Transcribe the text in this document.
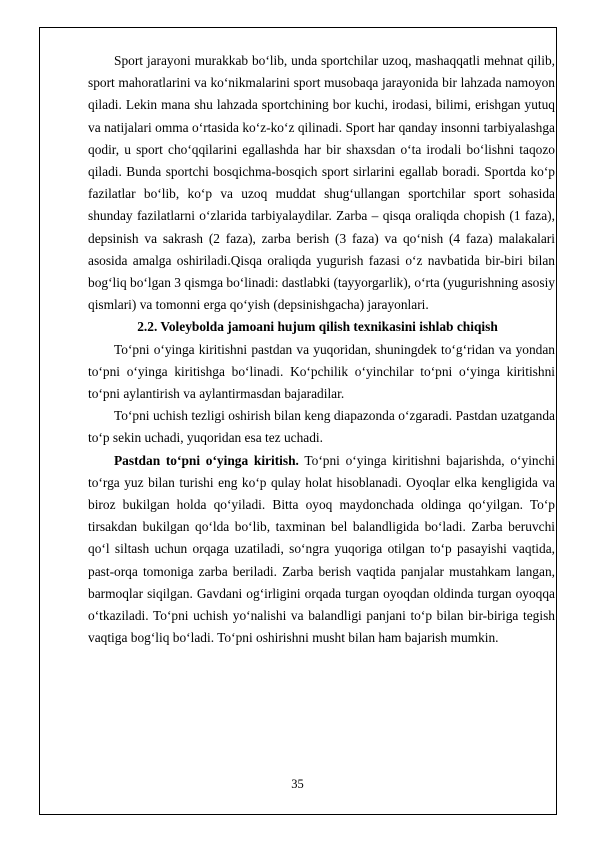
Sport jarayoni murakkab bo‘lib, unda sportchilar uzoq, mashaqqatli mehnat qilib, sport mahoratlarini va ko‘nikmalarini sport musobaqa jarayonida bir lahzada namoyon qiladi. Lekin mana shu lahzada sportchining bor kuchi, irodasi, bilimi, erishgan yutuq va natijalari omma o‘rtasida ko‘z-ko‘z qilinadi. Sport har qanday insonni tarbiyalashga qodir, u sport cho‘qqilarini egallashda har bir shaxsdan o‘ta irodali bo‘lishni taqozo qiladi. Bunda sportchi bosqichma-bosqich sport sirlarini egallab boradi. Sportda ko‘p fazilatlar bo‘lib, ko‘p va uzoq muddat shug‘ullangan sportchilar sport sohasida shunday fazilatlarni o‘zlarida tarbiyalaydilar. Zarba – qisqa oraliqda chopish (1 faza), depsinish va sakrash (2 faza), zarba berish (3 faza) va qo‘nish (4 faza) malakalari asosida amalga oshiriladi.Qisqa oraliqda yugurish fazasi o‘z navbatida bir-biri bilan bog‘liq bo‘lgan 3 qismga bo‘linadi: dastlabki (tayyorgarlik), o‘rta (yugurishning asosiy qismlari) va tomonni erga qo‘yish (depsinishgacha) jarayonlari.

2.2. Voleybolda jamoani hujum qilish texnikasini ishlab chiqish

To‘pni o‘yinga kiritishni pastdan va yuqoridan, shuningdek to‘g‘ridan va yondan to‘pni o‘yinga kiritishga bo‘linadi. Ko‘pchilik o‘yinchilar to‘pni o‘yinga kiritishni to‘pni aylantirish va aylantirmasdan bajaradilar.

To‘pni uchish tezligi oshirish bilan keng diapazonda o‘zgaradi. Pastdan uzatganda to‘p sekin uchadi, yuqoridan esa tez uchadi.

Pastdan to‘pni o‘yinga kiritish. To‘pni o‘yinga kiritishni bajarishda, o‘yinchi to‘rga yuz bilan turishi eng ko‘p qulay holat hisoblanadi. Oyoqlar elka kengligida va biroz bukilgan holda qo‘yiladi. Bitta oyoq maydonchada oldinga qo‘yilgan. To‘p tirsakdan bukilgan qo‘lda bo‘lib, taxminan bel balandligida bo‘ladi. Zarba beruvchi qo‘l siltash uchun orqaga uzatiladi, so‘ngra yuqoriga otilgan to‘p pasayishi vaqtida, past-orqa tomoniga zarba beriladi. Zarba berish vaqtida panjalar mustahkam langan, barmoqlar siqilgan. Gavdani og‘irligini orqada turgan oyoqdan oldinda turgan oyoqqa o‘tkaziladi. To‘pni uchish yo‘nalishi va balandligi panjani to‘p bilan bir-biriga tegish vaqtiga bog‘liq bo‘ladi. To‘pni oshirishni musht bilan ham bajarish mumkin.

35
